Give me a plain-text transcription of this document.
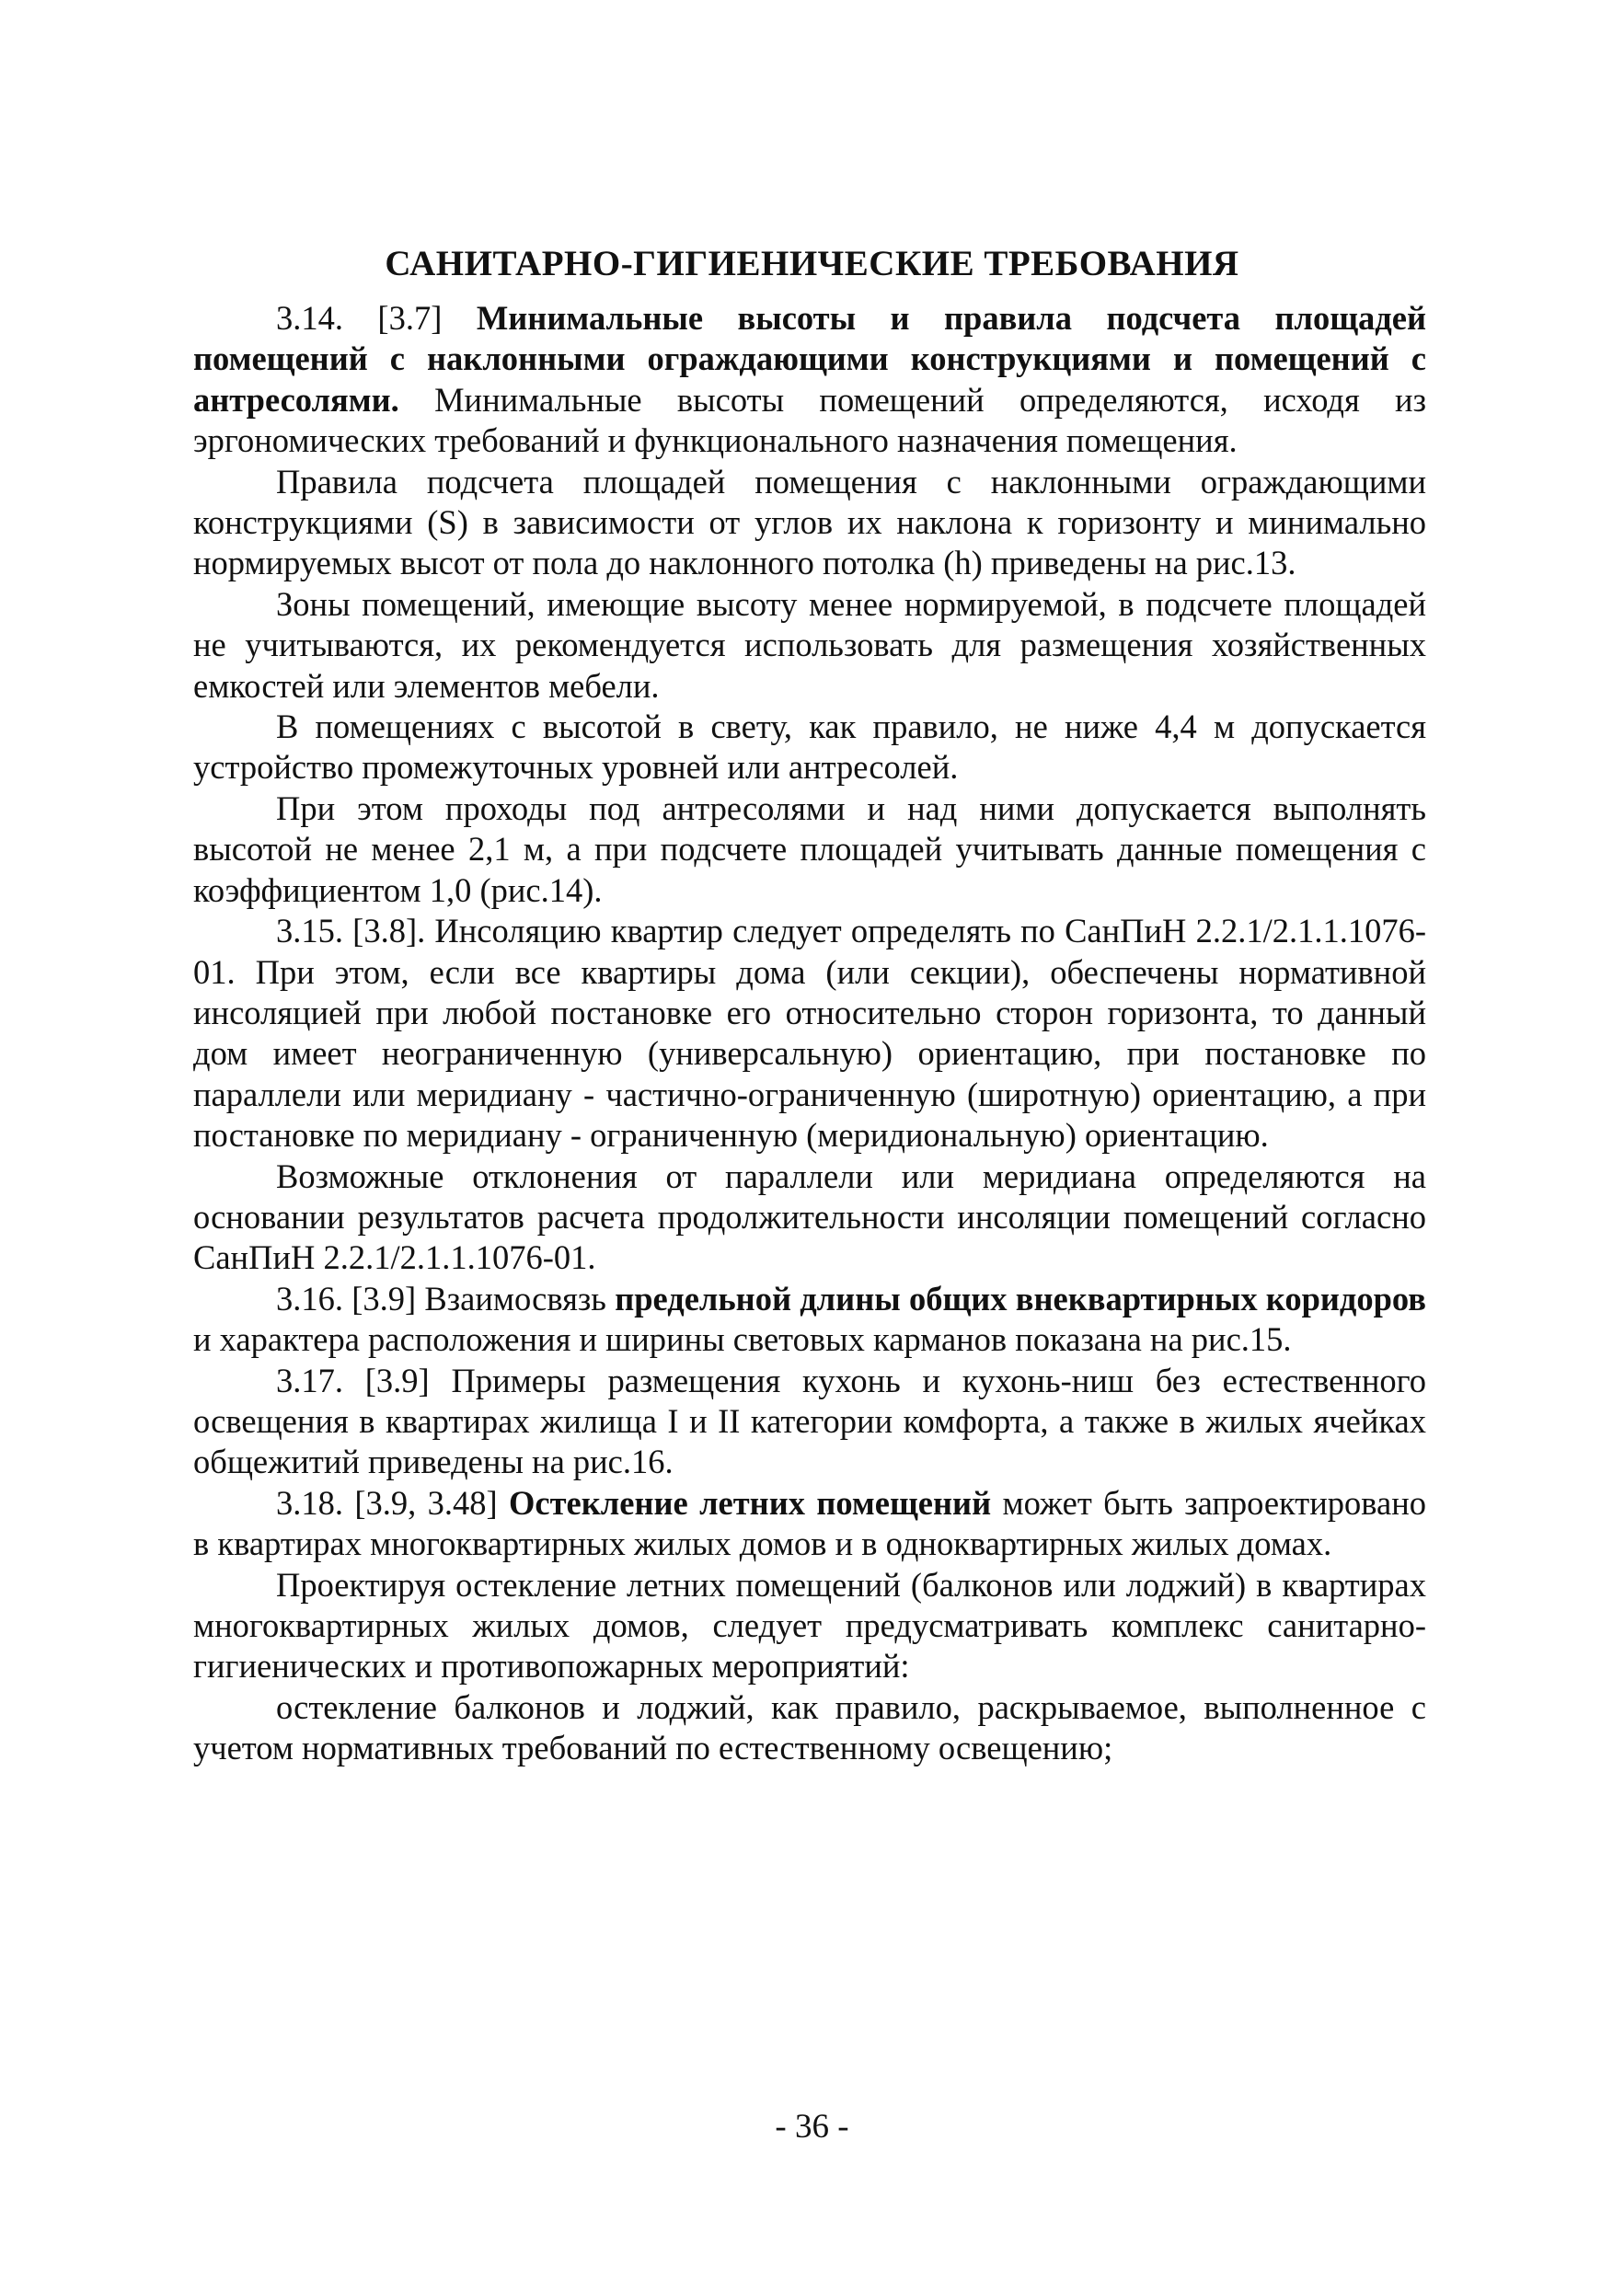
САНИТАРНО-ГИГИЕНИЧЕСКИЕ ТРЕБОВАНИЯ

3.14. [3.7] Минимальные высоты и правила подсчета площадей помещений с наклонными ограждающими конструкциями и помещений с антресолями. Минимальные высоты помещений определяются, исходя из эргономических требований и функционального назначения помещения.

Правила подсчета площадей помещения с наклонными ограждающими конструкциями (S) в зависимости от углов их наклона к горизонту и минимально нормируемых высот от пола до наклонного потолка (h) приведены на рис.13.

Зоны помещений, имеющие высоту менее нормируемой, в подсчете площадей не учитываются, их рекомендуется использовать для размещения хозяйственных емкостей или элементов мебели.

В помещениях с высотой в свету, как правило, не ниже 4,4 м допускается устройство промежуточных уровней или антресолей.

При этом проходы под антресолями и над ними допускается выполнять высотой не менее 2,1 м, а при подсчете площадей учитывать данные помещения с коэффициентом 1,0 (рис.14).

3.15. [3.8]. Инсоляцию квартир следует определять по СанПиН 2.2.1/2.1.1.1076-01. При этом, если все квартиры дома (или секции), обеспечены нормативной инсоляцией при любой постановке его относительно сторон горизонта, то данный дом имеет неограниченную (универсальную) ориентацию, при постановке по параллели или меридиану - частично-ограниченную (широтную) ориентацию, а при постановке по меридиану - ограниченную (меридиональную) ориентацию.

Возможные отклонения от параллели или меридиана определяются на основании результатов расчета продолжительности инсоляции помещений согласно СанПиН 2.2.1/2.1.1.1076-01.

3.16. [3.9] Взаимосвязь предельной длины общих внеквартирных коридоров и характера расположения и ширины световых карманов показана на рис.15.

3.17. [3.9] Примеры размещения кухонь и кухонь-ниш без естественного освещения в квартирах жилища I и II категории комфорта, а также в жилых ячейках общежитий приведены на рис.16.

3.18. [3.9, 3.48] Остекление летних помещений может быть запроектировано в квартирах многоквартирных жилых домов и в одноквартирных жилых домах.

Проектируя остекление летних помещений (балконов или лоджий) в квартирах многоквартирных жилых домов, следует предусматривать комплекс санитарно-гигиенических и противопожарных мероприятий:

остекление балконов и лоджий, как правило, раскрываемое, выполненное с учетом нормативных требований по естественному освещению;

- 36 -
